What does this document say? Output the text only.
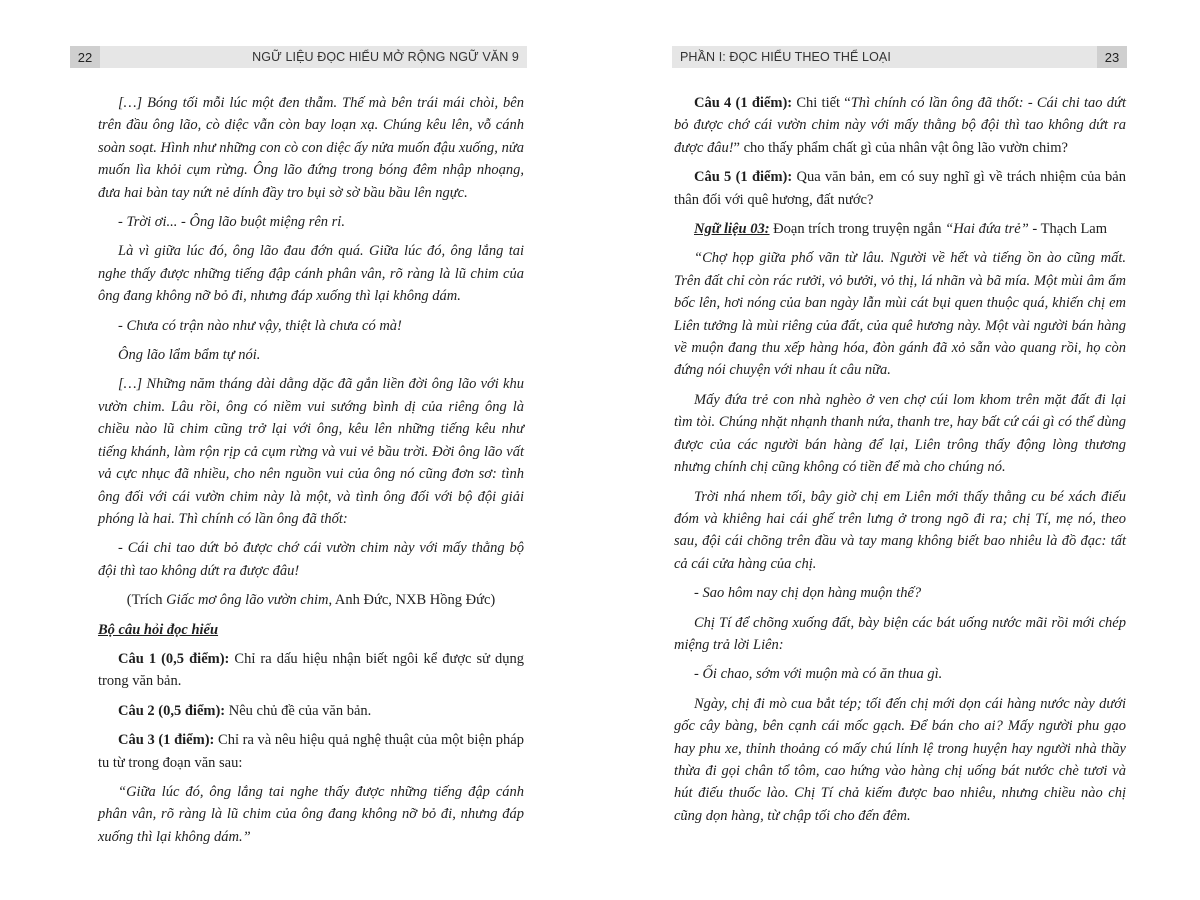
22	NGỮ LIỆU ĐỌC HIỂU MỞ RỘNG NGỮ VĂN 9

[…] Bóng tối mỗi lúc một đen thẫm. Thế mà bên trái mái chòi, bên trên đầu ông lão, cò diệc vẫn còn bay loạn xạ. Chúng kêu lên, vỗ cánh soàn soạt. Hình như những con cò con diệc ấy nửa muốn đậu xuống, nửa muốn lìa khỏi cụm rừng. Ông lão đứng trong bóng đêm nhập nhoạng, đưa hai bàn tay nứt nẻ dính đầy tro bụi sờ sờ bầu bầu lên ngực.

- Trời ơi... - Ông lão buột miệng rên rỉ.

Là vì giữa lúc đó, ông lão đau đớn quá. Giữa lúc đó, ông lắng tai nghe thấy được những tiếng đập cánh phân vân, rõ ràng là lũ chim của ông đang không nỡ bỏ đi, nhưng đáp xuống thì lại không dám.

- Chưa có trận nào như vậy, thiệt là chưa có mà!

Ông lão lẩm bẩm tự nói.

[…] Những năm tháng dài dằng dặc đã gắn liền đời ông lão với khu vườn chim. Lâu rồi, ông có niềm vui sướng bình dị của riêng ông là chiều nào lũ chim cũng trở lại với ông, kêu lên những tiếng kêu như tiếng khánh, làm rộn rịp cả cụm rừng và vui vẻ bầu trời. Đời ông lão vất vả cực nhục đã nhiều, cho nên nguồn vui của ông nó cũng đơn sơ: tình ông đối với cái vườn chim này là một, và tình ông đối với bộ đội giải phóng là hai. Thì chính có lần ông đã thốt:

- Cái chi tao dứt bỏ được chớ cái vườn chim này với mấy thằng bộ đội thì tao không dứt ra được đâu!

(Trích Giấc mơ ông lão vườn chim, Anh Đức, NXB Hồng Đức)

Bộ câu hỏi đọc hiểu

Câu 1 (0,5 điểm): Chỉ ra dấu hiệu nhận biết ngôi kể được sử dụng trong văn bản.

Câu 2 (0,5 điểm): Nêu chủ đề của văn bản.

Câu 3 (1 điểm): Chỉ ra và nêu hiệu quả nghệ thuật của một biện pháp tu từ trong đoạn văn sau:

“Giữa lúc đó, ông lắng tai nghe thấy được những tiếng đập cánh phân vân, rõ ràng là lũ chim của ông đang không nỡ bỏ đi, nhưng đáp xuống thì lại không dám.”

PHẦN I: ĐỌC HIỂU THEO THỂ LOẠI	23

Câu 4 (1 điểm): Chi tiết “Thì chính có lần ông đã thốt: - Cái chi tao dứt bỏ được chớ cái vườn chim này với mấy thằng bộ đội thì tao không dứt ra được đâu!” cho thấy phẩm chất gì của nhân vật ông lão vườn chim?

Câu 5 (1 điểm): Qua văn bản, em có suy nghĩ gì về trách nhiệm của bản thân đối với quê hương, đất nước?

Ngữ liệu 03: Đoạn trích trong truyện ngắn “Hai đứa trẻ” - Thạch Lam

“Chợ họp giữa phố vãn từ lâu. Người về hết và tiếng ồn ào cũng mất. Trên đất chỉ còn rác rưởi, vỏ bưởi, vỏ thị, lá nhãn và bã mía. Một mùi âm ẩm bốc lên, hơi nóng của ban ngày lẫn mùi cát bụi quen thuộc quá, khiến chị em Liên tưởng là mùi riêng của đất, của quê hương này. Một vài người bán hàng về muộn đang thu xếp hàng hóa, đòn gánh đã xỏ sẵn vào quang rồi, họ còn đứng nói chuyện với nhau ít câu nữa.

Mấy đứa trẻ con nhà nghèo ở ven chợ cúi lom khom trên mặt đất đi lại tìm tòi. Chúng nhặt nhạnh thanh nứa, thanh tre, hay bất cứ cái gì có thể dùng được của các người bán hàng để lại, Liên trông thấy động lòng thương nhưng chính chị cũng không có tiền để mà cho chúng nó.

Trời nhá nhem tối, bây giờ chị em Liên mới thấy thằng cu bé xách điếu đóm và khiêng hai cái ghế trên lưng ở trong ngõ đi ra; chị Tí, mẹ nó, theo sau, đội cái chõng trên đầu và tay mang không biết bao nhiêu là đồ đạc: tất cả cái cửa hàng của chị.

- Sao hôm nay chị dọn hàng muộn thế?

Chị Tí để chõng xuống đất, bày biện các bát uống nước mãi rồi mới chép miệng trả lời Liên:

- Ối chao, sớm với muộn mà có ăn thua gì.

Ngày, chị đi mò cua bắt tép; tối đến chị mới dọn cái hàng nước này dưới gốc cây bàng, bên cạnh cái mốc gạch. Để bán cho ai? Mấy người phu gạo hay phu xe, thỉnh thoảng có mấy chú lính lệ trong huyện hay người nhà thầy thừa đi gọi chân tổ tôm, cao hứng vào hàng chị uống bát nước chè tươi và hút điếu thuốc lào. Chị Tí chả kiếm được bao nhiêu, nhưng chiều nào chị cũng dọn hàng, từ chập tối cho đến đêm.
